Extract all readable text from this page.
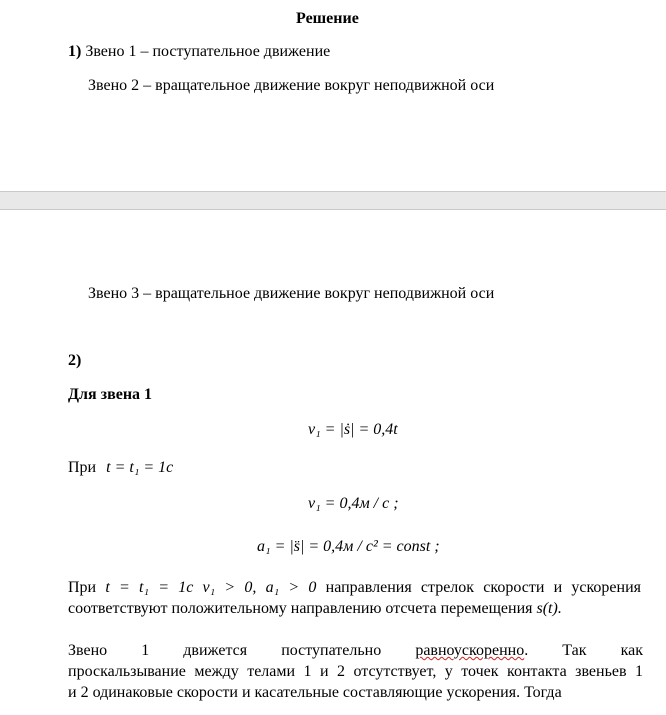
Решение
1) Звено 1 – поступательное движение
Звено 2 – вращательное движение вокруг неподвижной оси
Звено 3 – вращательное движение вокруг неподвижной оси
2)
Для звена 1
v₁ = |ṡ| = 0,4t
При t = t₁ = 1c
v₁ = 0,4м / c ;
a₁ = |s̈| = 0,4м / c² = const ;
При t = t₁ = 1c v₁ > 0, a₁ > 0 направления стрелок скорости и ускорения
соответствуют положительному направлению отсчета перемещения s(t).
Звено 1 движется поступательно равноускоренно. Так как
проскальзывание между телами 1 и 2 отсутствует, у точек контакта звеньев 1
и 2 одинаковые скорости и касательные составляющие ускорения. Тогда
